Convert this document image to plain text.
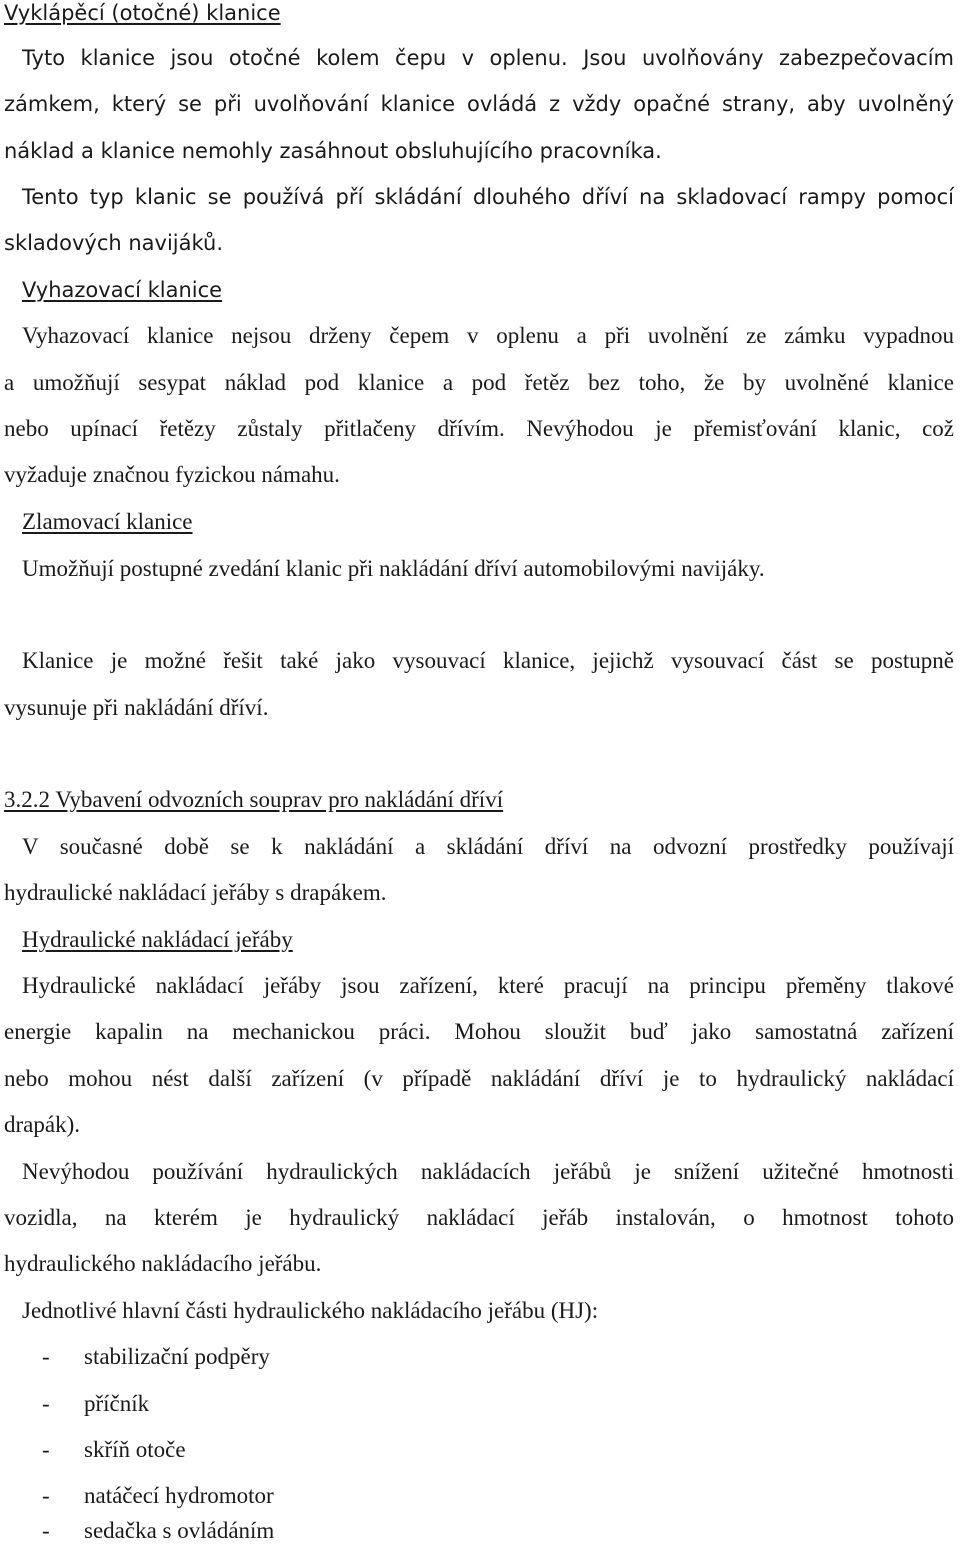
Vyklápěcí (otočné) klanice
Tyto klanice jsou otočné kolem čepu v oplenu. Jsou uvolňovány zabezpečovacím
zámkem, který se při uvolňování klanice ovládá z vždy opačné strany, aby uvolněný
náklad a klanice nemohly zasáhnout obsluhujícího pracovníka.
Tento typ klanic se používá pří skládání dlouhého dříví na skladovací rampy pomocí
skladových navijáků.
Vyhazovací klanice
Vyhazovací klanice nejsou drženy čepem v oplenu a při uvolnění ze zámku vypadnou
a umožňují sesypat náklad pod klanice a pod řetěz bez toho, že by uvolněné klanice
nebo upínací řetězy zůstaly přitlačeny dřívím. Nevýhodou je přemisťování klanic, což
vyžaduje značnou fyzickou námahu.
Zlamovací klanice
Umožňují postupné zvedání klanic při nakládání dříví automobilovými navijáky.
Klanice je možné řešit také jako vysouvací klanice, jejichž vysouvací část se postupně
vysunuje při nakládání dříví.
3.2.2 Vybavení odvozních souprav pro nakládání dříví
V současné době se k nakládání a skládání dříví na odvozní prostředky používají
hydraulické nakládací jeřáby s drapákem.
Hydraulické nakládací jeřáby
Hydraulické nakládací jeřáby jsou zařízení, které pracují na principu přeměny tlakové
energie kapalin na mechanickou práci. Mohou sloužit buď jako samostatná zařízení
nebo mohou nést další zařízení (v případě nakládání dříví je to hydraulický nakládací
drapák).
Nevýhodou používání hydraulických nakládacích jeřábů je snížení užitečné hmotnosti
vozidla, na kterém je hydraulický nakládací jeřáb instalován, o hmotnost tohoto
hydraulického nakládacího jeřábu.
Jednotlivé hlavní části hydraulického nakládacího jeřábu (HJ):
- stabilizační podpěry
- příčník
- skříň otoče
- natáčecí hydromotor
- sedačka s ovládáním
